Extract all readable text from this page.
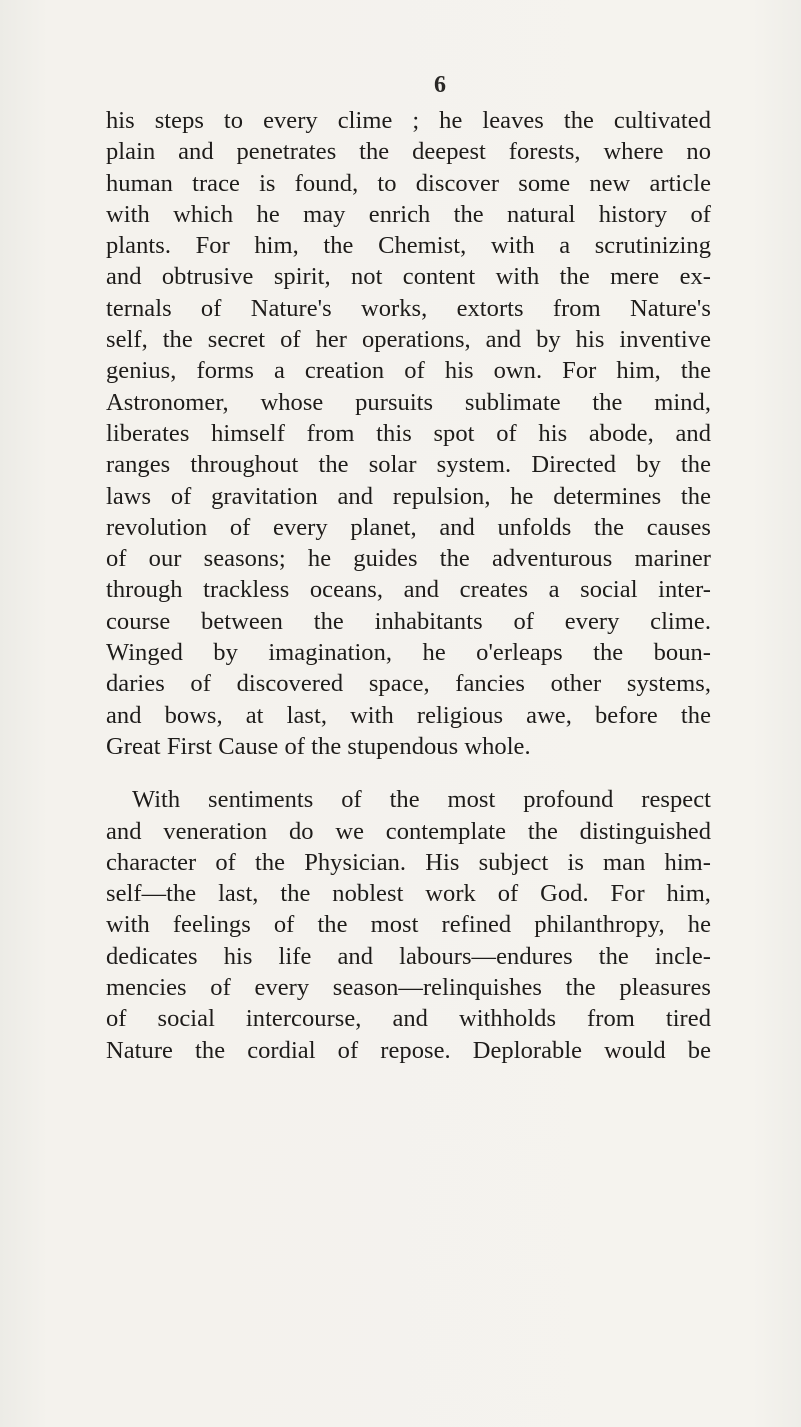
6
his steps to every clime ; he leaves the cultivated
plain and penetrates the deepest forests, where no
human trace is found, to discover some new article
with which he may enrich the natural history of
plants. For him, the Chemist, with a scrutinizing
and obtrusive spirit, not content with the mere ex-
ternals of Nature's works, extorts from Nature's
self, the secret of her operations, and by his inventive
genius, forms a creation of his own. For him, the
Astronomer, whose pursuits sublimate the mind,
liberates himself from this spot of his abode, and
ranges throughout the solar system. Directed by the
laws of gravitation and repulsion, he determines the
revolution of every planet, and unfolds the causes
of our seasons; he guides the adventurous mariner
through trackless oceans, and creates a social inter-
course between the inhabitants of every clime.
Winged by imagination, he o'erleaps the boun-
daries of discovered space, fancies other systems,
and bows, at last, with religious awe, before the
Great First Cause of the stupendous whole.
With sentiments of the most profound respect
and veneration do we contemplate the distinguished
character of the Physician. His subject is man him-
self—the last, the noblest work of God. For him,
with feelings of the most refined philanthropy, he
dedicates his life and labours—endures the incle-
mencies of every season—relinquishes the pleasures
of social intercourse, and withholds from tired
Nature the cordial of repose. Deplorable would be
